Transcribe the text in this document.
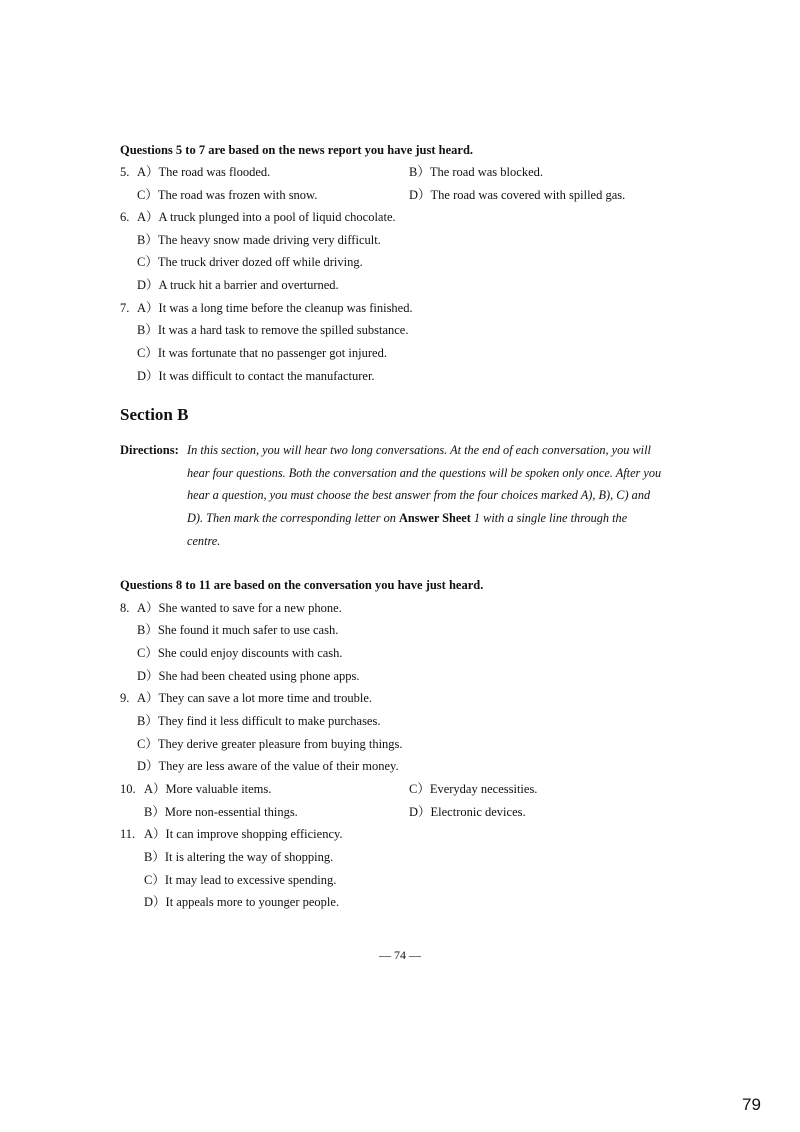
Questions 5 to 7 are based on the news report you have just heard.
5. A）The road was flooded.	B）The road was blocked.
C）The road was frozen with snow.	D）The road was covered with spilled gas.
6. A）A truck plunged into a pool of liquid chocolate.
B）The heavy snow made driving very difficult.
C）The truck driver dozed off while driving.
D）A truck hit a barrier and overturned.
7. A）It was a long time before the cleanup was finished.
B）It was a hard task to remove the spilled substance.
C）It was fortunate that no passenger got injured.
D）It was difficult to contact the manufacturer.
Section B
Directions: In this section, you will hear two long conversations. At the end of each conversation, you will
hear four questions. Both the conversation and the questions will be spoken only once. After you
hear a question, you must choose the best answer from the four choices marked A), B), C) and
D). Then mark the corresponding letter on Answer Sheet 1 with a single line through the
centre.
Questions 8 to 11 are based on the conversation you have just heard.
8. A）She wanted to save for a new phone.
B）She found it much safer to use cash.
C）She could enjoy discounts with cash.
D）She had been cheated using phone apps.
9. A）They can save a lot more time and trouble.
B）They find it less difficult to make purchases.
C）They derive greater pleasure from buying things.
D）They are less aware of the value of their money.
10. A）More valuable items.	C）Everyday necessities.
B）More non-essential things.	D）Electronic devices.
11. A）It can improve shopping efficiency.
B）It is altering the way of shopping.
C）It may lead to excessive spending.
D）It appeals more to younger people.
— 74 —
79
